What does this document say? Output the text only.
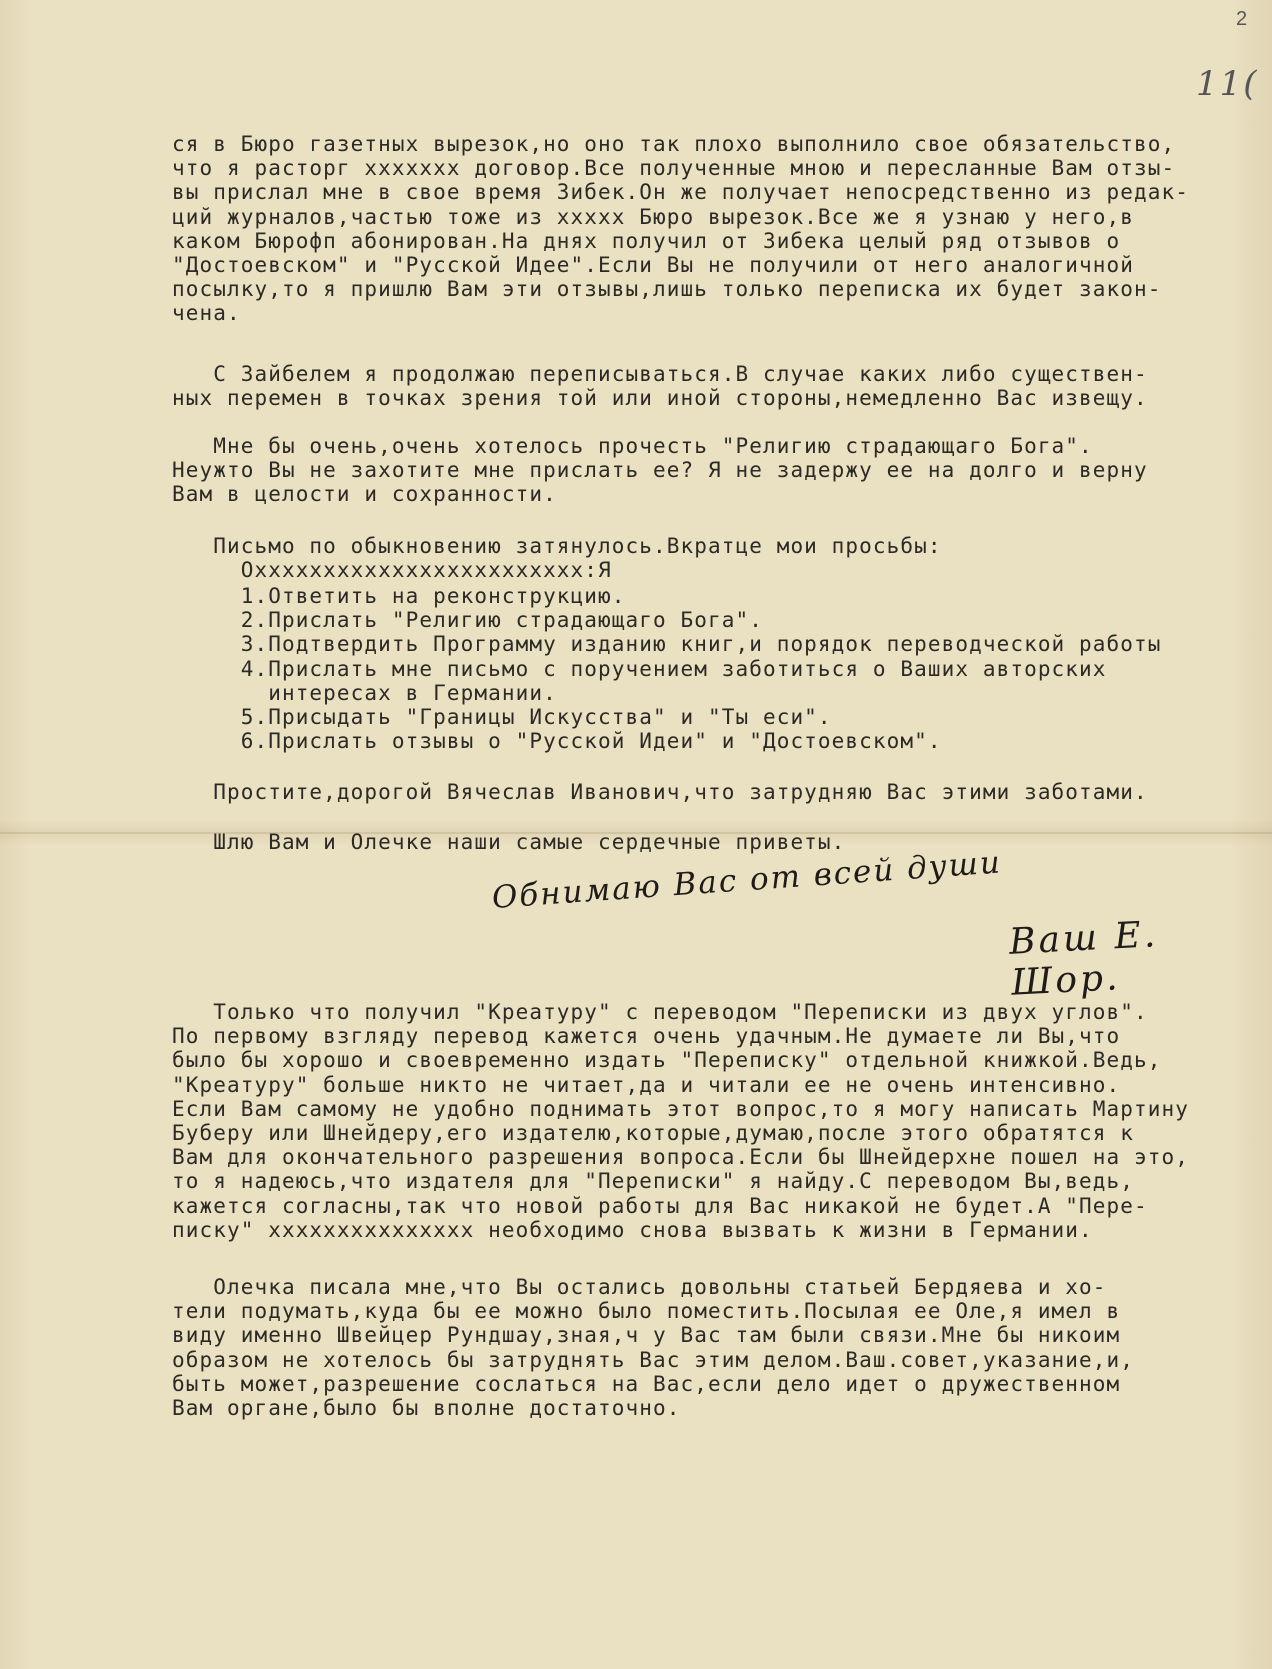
2
11(
ся в Бюро газетных вырезок,но оно так плохо выполнило свое обязательство,
что я расторг xxxxxxx договор.Все полученные мною и пересланные Вам отзы-
вы прислал мне в свое время Зибек.Он же получает непосредственно из редак-
ций журналов,частью тоже из xxxxx Бюро вырезок.Все же я узнаю у него,в
каком Бюрофп абонирован.На днях получил от Зибека целый ряд отзывов о
"Достоевском" и "Русской Идее".Если Вы не получили от него аналогичной
посылку,то я пришлю Вам эти отзывы,лишь только переписка их будет закон-
чена.
С Зайбелем я продолжаю переписываться.В случае каких либо существен-
ных перемен в точках зрения той или иной стороны,немедленно Вас извещу.
Мне бы очень,очень хотелось прочесть "Религию страдающаго Бога".
Неужто Вы не захотите мне прислать ее? Я не задержу ее на долго и верну
Вам в целости и сохранности.
Письмо по обыкновению затянулось.Вкратце мои просьбы:
Oxxxxxxxxxxxxxxxxxxxxxxxx:Я
1.Ответить на реконструкцию.
2.Прислать "Религию страдающаго Бога".
3.Подтвердить Программу изданию книг,и порядок переводческой работы
4.Прислать мне письмо с поручением заботиться о Ваших авторских
интересах в Германии.
5.Присыдать "Границы Искусства" и "Ты еси".
6.Прислать отзывы о "Русской Идеи" и "Достоевском".
Простите,дорогой Вячеслав Иванович,что затрудняю Вас этими заботами.
Шлю Вам и Олечке наши самые сердечные приветы.
Только что получил "Креатуру" с переводом "Переписки из двух углов".
По первому взгляду перевод кажется очень удачным.Не думаете ли Вы,что
было бы хорошо и своевременно издать "Переписку" отдельной книжкой.Ведь,
"Креатуру" больше никто не читает,да и читали ее не очень интенсивно.
Если Вам самому не удобно поднимать этот вопрос,то я могу написать Мартину
Буберу или Шнейдеру,его издателю,которые,думаю,после этого обратятся к
Вам для окончательного разрешения вопроса.Если бы Шнейдерxне пошел на это,
то я надеюсь,что издателя для "Переписки" я найду.С переводом Вы,ведь,
кажется согласны,так что новой работы для Вас никакой не будет.А "Пере-
писку" xxxxxxxxxxxxxxx необходимо снова вызвать к жизни в Германии.
Олечка писала мне,что Вы остались довольны статьей Бердяева и хо-
тели подумать,куда бы ее можно было поместить.Посылая ее Оле,я имел в
виду именно Швейцер Рундшау,зная,ч у Вас там были связи.Мне бы никоим
образом не хотелось бы затруднять Вас этим делом.Ваш.совет,указание,и,
быть может,разрешение сослаться на Вас,если дело идет о дружественном
Вам органе,было бы вполне достаточно.
Обнимаю Вас от всей души
Ваш Е. Шор.
